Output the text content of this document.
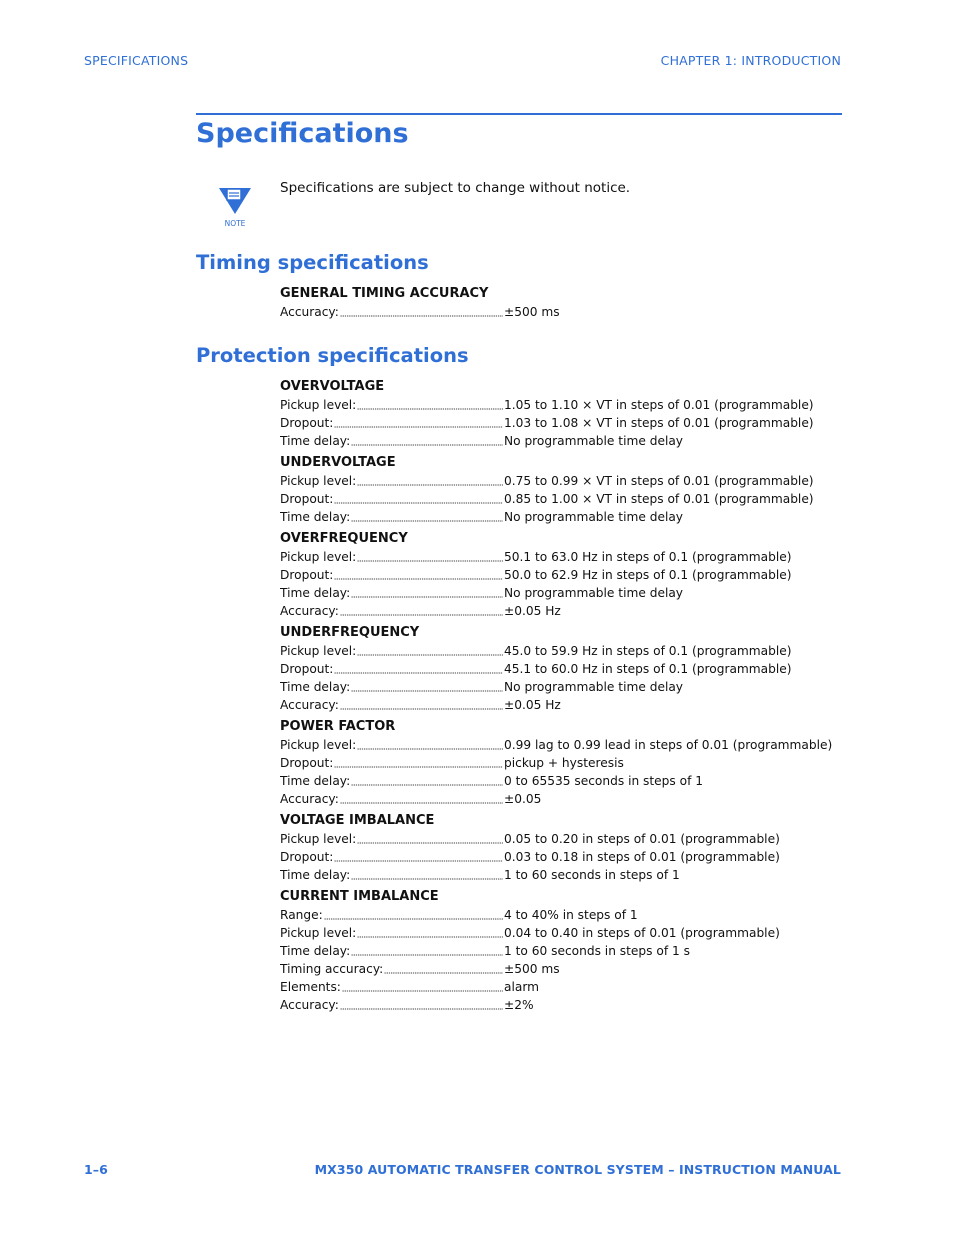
SPECIFICATIONS	CHAPTER 1: INTRODUCTION
Specifications
NOTE
Specifications are subject to change without notice.
Timing specifications
GENERAL TIMING ACCURACY
Accuracy:	±500 ms
Protection specifications
OVERVOLTAGE
Pickup level:	1.05 to 1.10 × VT in steps of 0.01 (programmable)
Dropout:	1.03 to 1.08 × VT in steps of 0.01 (programmable)
Time delay:	No programmable time delay
UNDERVOLTAGE
Pickup level:	0.75 to 0.99 × VT in steps of 0.01 (programmable)
Dropout:	0.85 to 1.00 × VT in steps of 0.01 (programmable)
Time delay:	No programmable time delay
OVERFREQUENCY
Pickup level:	50.1 to 63.0 Hz in steps of 0.1 (programmable)
Dropout:	50.0 to 62.9 Hz in steps of 0.1 (programmable)
Time delay:	No programmable time delay
Accuracy:	±0.05 Hz
UNDERFREQUENCY
Pickup level:	45.0 to 59.9 Hz in steps of 0.1 (programmable)
Dropout:	45.1 to 60.0 Hz in steps of 0.1 (programmable)
Time delay:	No programmable time delay
Accuracy:	±0.05 Hz
POWER FACTOR
Pickup level:	0.99 lag to 0.99 lead in steps of 0.01 (programmable)
Dropout:	pickup + hysteresis
Time delay:	0 to 65535 seconds in steps of 1
Accuracy:	±0.05
VOLTAGE IMBALANCE
Pickup level:	0.05 to 0.20 in steps of 0.01 (programmable)
Dropout:	0.03 to 0.18 in steps of 0.01 (programmable)
Time delay:	1 to 60 seconds in steps of 1
CURRENT IMBALANCE
Range:	4 to 40% in steps of 1
Pickup level:	0.04 to 0.40 in steps of 0.01 (programmable)
Time delay:	1 to 60 seconds in steps of 1 s
Timing accuracy:	±500 ms
Elements:	alarm
Accuracy:	±2%
1–6	MX350 AUTOMATIC TRANSFER CONTROL SYSTEM – INSTRUCTION MANUAL
